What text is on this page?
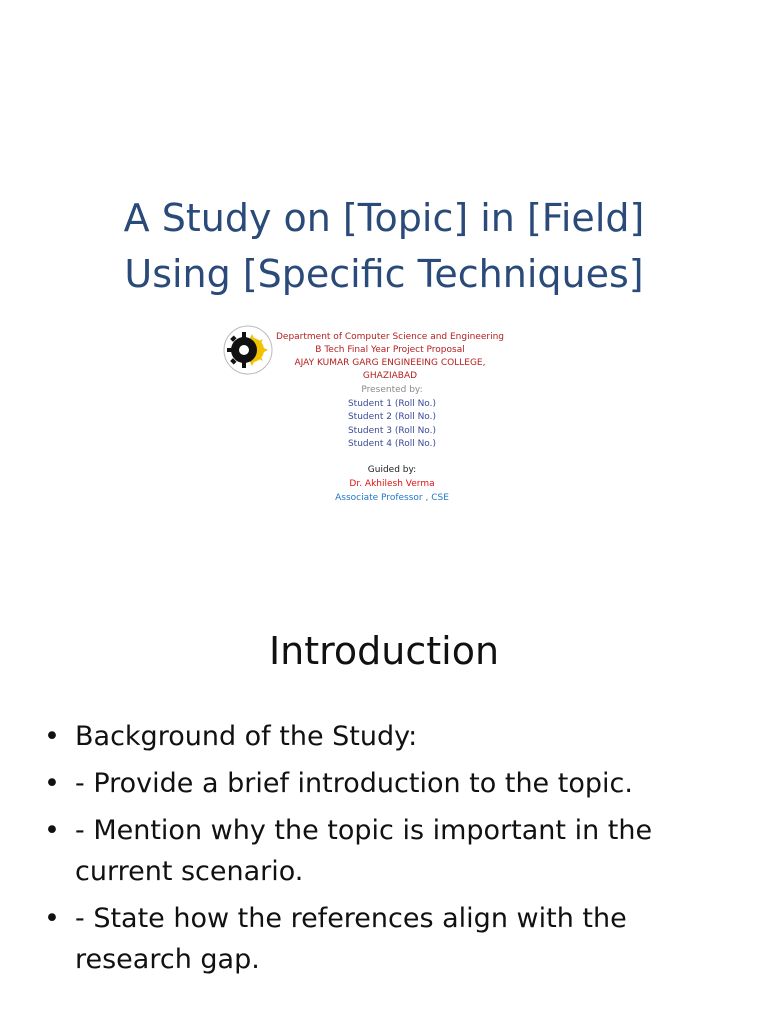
A Study on [Topic] in [Field]
Using [Specific Techniques]
Department of Computer Science and Engineering
B Tech Final Year Project Proposal
AJAY KUMAR GARG ENGINEEING COLLEGE, GHAZIABAD
Presented by:
Student 1 (Roll No.)
Student 2 (Roll No.)
Student 3 (Roll No.)
Student 4 (Roll No.)
Guided by:
Dr. Akhilesh Verma
Associate Professor , CSE
Introduction
• Background of the Study:
• - Provide a brief introduction to the topic.
• - Mention why the topic is important in the current scenario.
• - State how the references align with the research gap.
